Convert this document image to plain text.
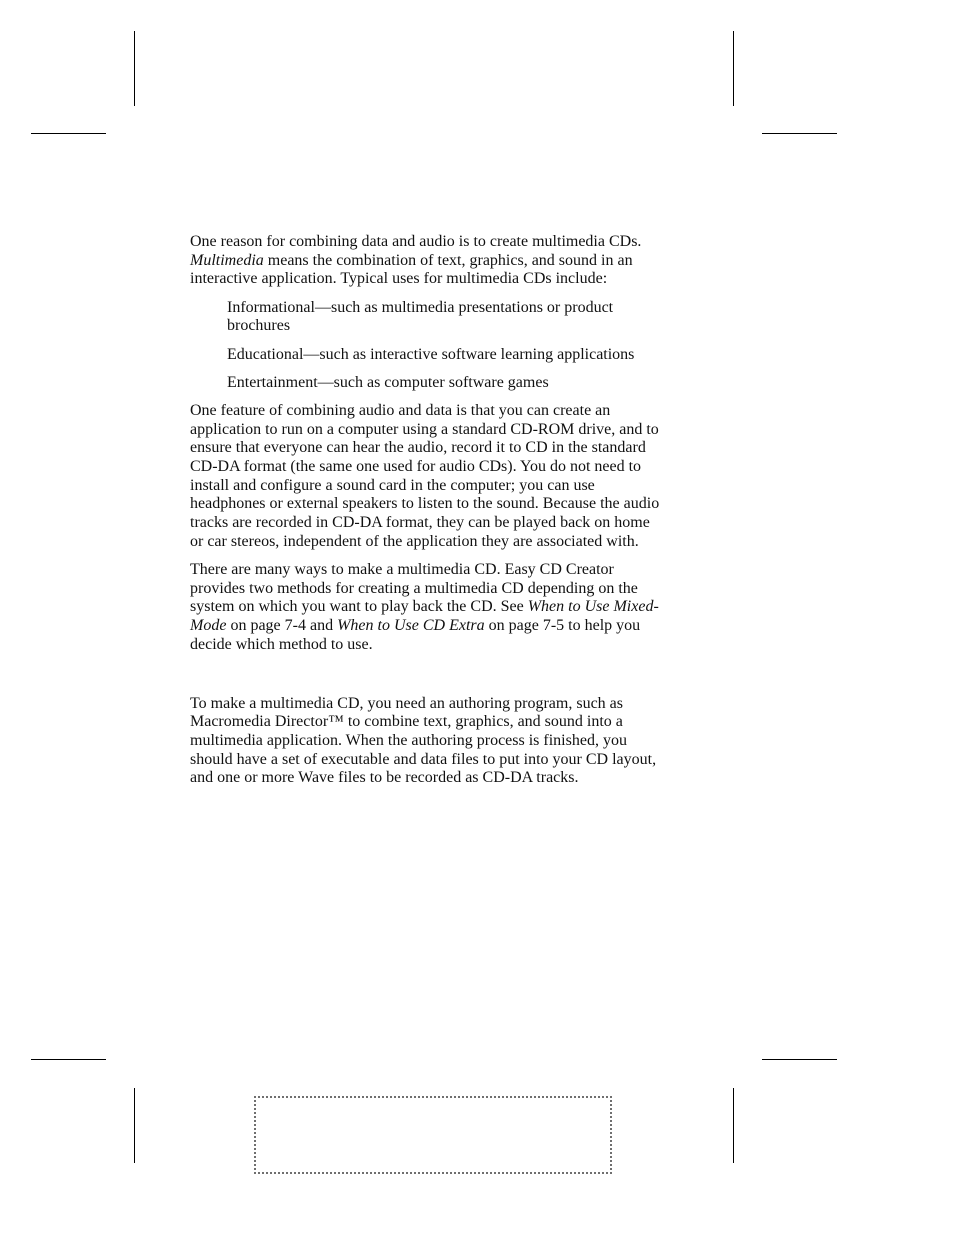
One reason for combining data and audio is to create multimedia CDs. Multimedia means the combination of text, graphics, and sound in an interactive application. Typical uses for multimedia CDs include:

Informational—such as multimedia presentations or product brochures

Educational—such as interactive software learning applications

Entertainment—such as computer software games

One feature of combining audio and data is that you can create an application to run on a computer using a standard CD-ROM drive, and to ensure that everyone can hear the audio, record it to CD in the standard CD-DA format (the same one used for audio CDs). You do not need to install and configure a sound card in the computer; you can use headphones or external speakers to listen to the sound. Because the audio tracks are recorded in CD-DA format, they can be played back on home or car stereos, independent of the application they are associated with.

There are many ways to make a multimedia CD. Easy CD Creator provides two methods for creating a multimedia CD depending on the system on which you want to play back the CD. See When to Use Mixed-Mode on page 7-4 and When to Use CD Extra on page 7-5 to help you decide which method to use.

To make a multimedia CD, you need an authoring program, such as Macromedia Director™ to combine text, graphics, and sound into a multimedia application. When the authoring process is finished, you should have a set of executable and data files to put into your CD layout, and one or more Wave files to be recorded as CD-DA tracks.
